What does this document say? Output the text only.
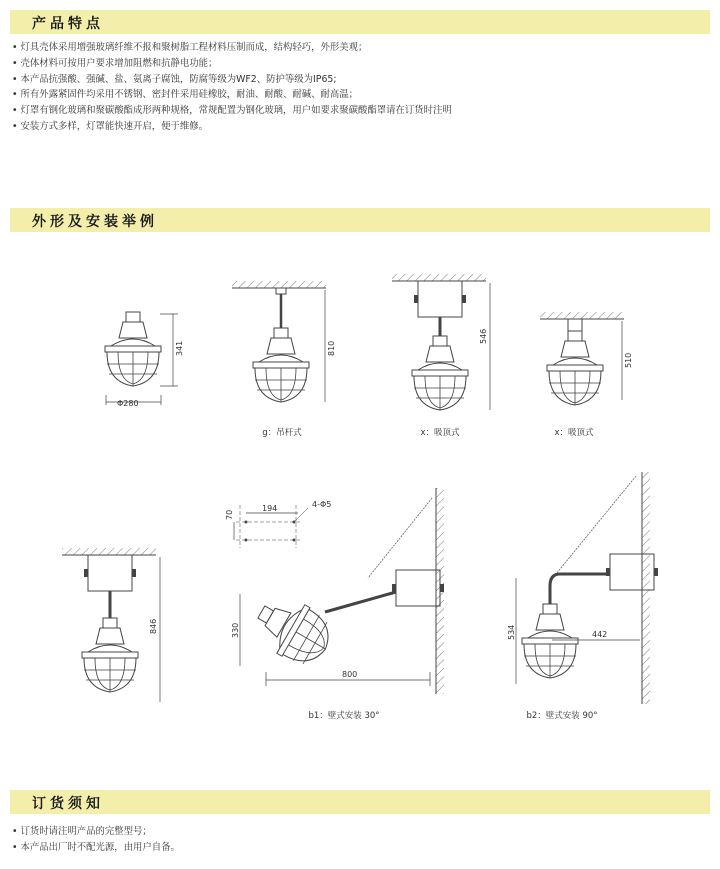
产品特点
• 灯具壳体采用增强玻璃纤维不报和聚树脂工程材料压制而成，结构轻巧，外形美观；
• 壳体材料可按用户要求增加阻燃和抗静电功能；
• 本产品抗强酸、强碱、盐、氨离子腐蚀，防腐等级为WF2、防护等级为IP65;
• 所有外露紧固件均采用不锈钢、密封件采用硅橡胶，耐油、耐酸、耐碱、耐高温；
• 灯罩有钢化玻璃和聚碳酸酯成形两种规格，常规配置为钢化玻璃，用户如要求聚碳酸酯罩请在订货时注明
• 安装方式多样，灯罩能快速开启，便于维修。
外形及安装举例
Φ280
341	810
546
510
846
194	4-Φ5
70
330
800
534	442
g：吊杆式	x：吸顶式	x：吸顶式
b1：壁式安装 30°	b2：壁式安装 90°
订货须知
• 订货时请注明产品的完整型号；
• 本产品出厂时不配光源，由用户自备。
